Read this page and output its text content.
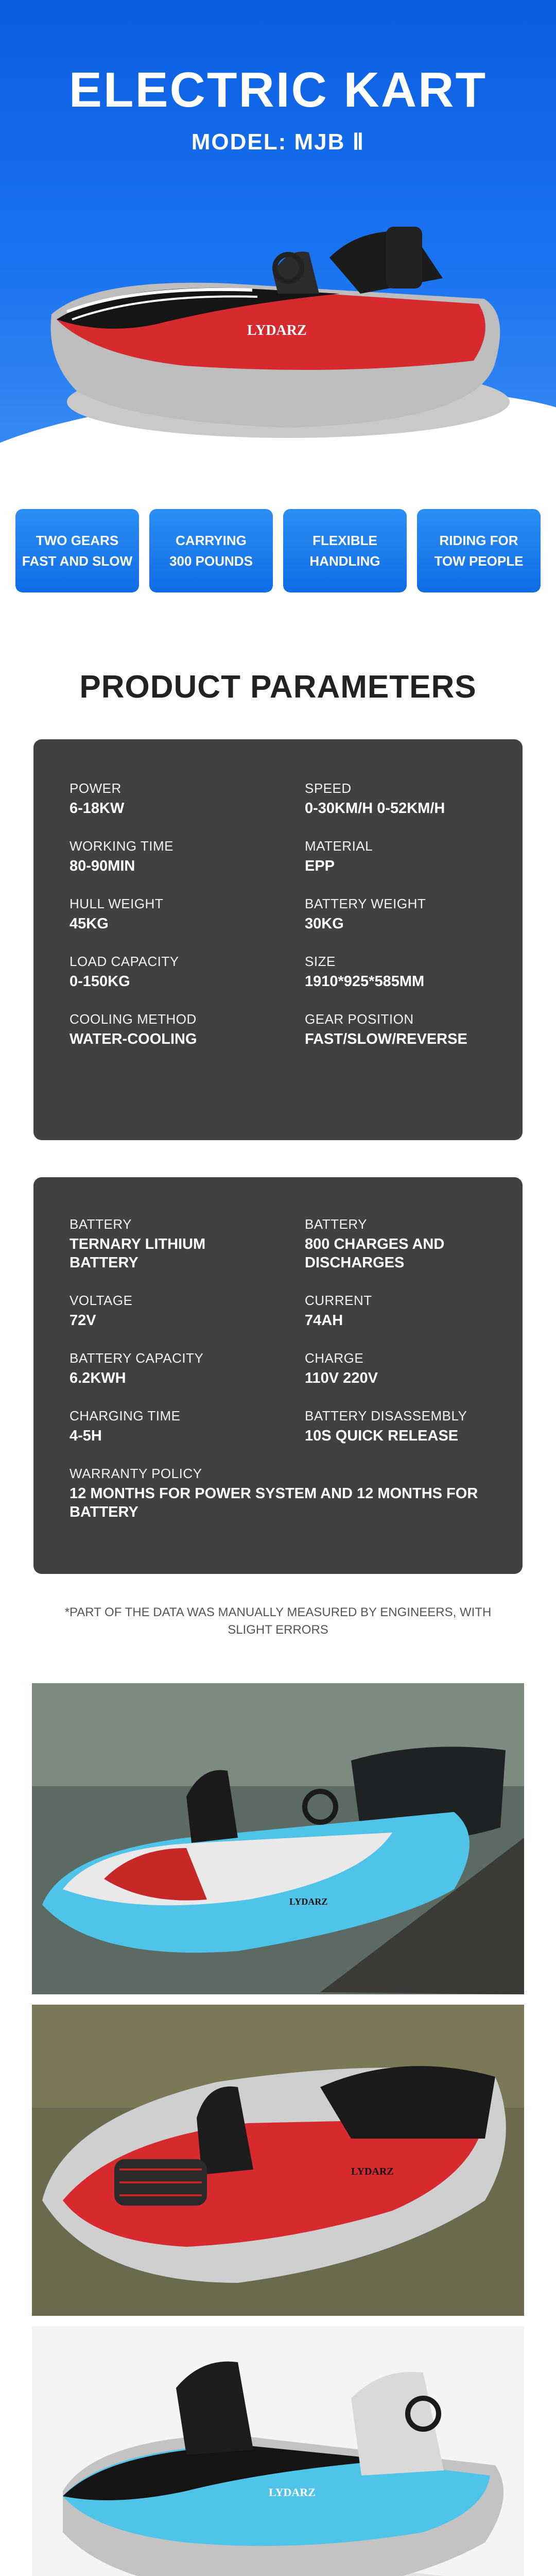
ELECTRIC KART
MODEL: MJB Ⅱ
LYDARZ
TWO GEARS
FAST AND SLOW
CARRYING
300 POUNDS
FLEXIBLE
HANDLING
RIDING FOR
TOW PEOPLE
PRODUCT PARAMETERS
POWER
6-18KW
SPEED
0-30KM/H 0-52KM/H
WORKING TIME
80-90MIN
MATERIAL
EPP
HULL WEIGHT
45KG
BATTERY WEIGHT
30KG
LOAD CAPACITY
0-150KG
SIZE
1910*925*585MM
COOLING METHOD
WATER-COOLING
GEAR POSITION
FAST/SLOW/REVERSE
BATTERY
TERNARY LITHIUM BATTERY
BATTERY
800 CHARGES AND DISCHARGES
VOLTAGE
72V
CURRENT
74AH
BATTERY CAPACITY
6.2KWH
CHARGE
110V 220V
CHARGING TIME
4-5H
BATTERY DISASSEMBLY
10S QUICK RELEASE
WARRANTY POLICY
12 MONTHS FOR POWER SYSTEM AND 12 MONTHS FOR BATTERY

*PART OF THE DATA WAS MANUALLY MEASURED BY ENGINEERS, WITH SLIGHT ERRORS

LYDARZ
LYDARZ
LYDARZ
